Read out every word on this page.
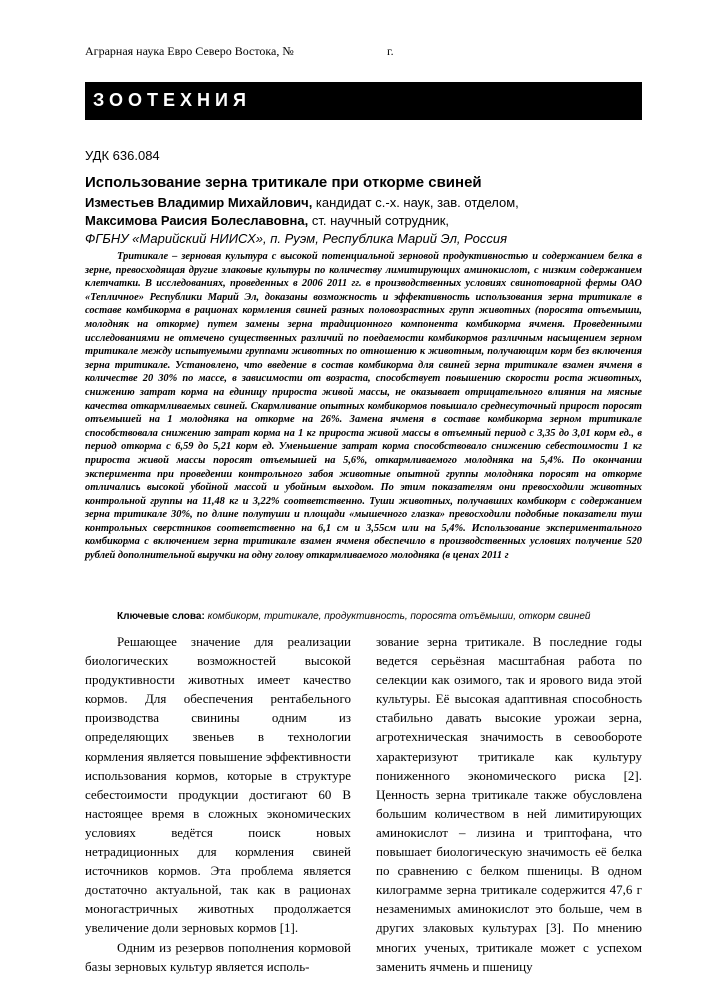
Аграрная наука Евро Северо Востока, №	г.
ЗООТЕХНИЯ
УДК 636.084
Использование зерна тритикале при откорме свиней
Изместьев Владимир Михайлович, кандидат с.-х. наук, зав. отделом,
Максимова Раисия Болеславовна, ст. научный сотрудник,
ФГБНУ «Марийский НИИСХ», п. Руэм, Республика Марий Эл, Россия

Тритикале – зерновая культура с высокой потенциальной зерновой продуктивностью и содержанием белка в зерне, превосходящая другие злаковые культуры по количеству лимитирующих аминокислот, с низким содержанием клетчатки. В исследованиях, проведенных в 2006 2011 гг. в производственных условиях свинотоварной фермы ОАО «Тепличное» Республики Марий Эл, доказаны возможность и эффективность использования зерна тритикале в составе комбикорма в рационах кормления свиней разных половозрастных групп животных (поросята отъемыши, молодняк на откорме) путем замены зерна традиционного компонента комбикорма ячменя. Проведенными исследованиями не отмечено существенных различий по поедаемости комбикормов различным насыщением зерном тритикале между испытуемыми группами животных по отношению к животным, получающим корм без включения зерна тритикале. Установлено, что введение в состав комбикорма для свиней зерна тритикале взамен ячменя в количестве 20 30% по массе, в зависимости от возраста, способствует повышению скорости роста животных, снижению затрат корма на единицу прироста живой массы, не оказывает отрицательного влияния на мясные качества откармливаемых свиней. Скармливание опытных комбикормов повышало среднесуточный прирост поросят отъемышей на 1 молодняка на откорме на 26%. Замена ячменя в составе комбикорма зерном тритикале способствовала снижению затрат корма на 1 кг прироста живой массы в отъемный период с 3,35 до 3,01 корм ед., в период откорма с 6,59 до 5,21 корм ед. Уменьшение затрат корма способствовало снижению себестоимости 1 кг прироста живой массы поросят отъемышей на 5,6%, откармливаемого молодняка на 5,4%. По окончании эксперимента при проведении контрольного забоя животные опытной группы молодняка поросят на откорме отличались высокой убойной массой и убойным выходом. По этим показателям они превосходили животных контрольной группы на 11,48 кг и 3,22% соответственно. Туши животных, получавших комбикорм с содержанием зерна тритикале 30%, по длине полутуши и площади «мышечного глазка» превосходили подобные показатели туш контрольных сверстников соответственно на 6,1 см и 3,55см или на 5,4%. Использование экспериментального комбикорма с включением зерна тритикале взамен ячменя обеспечило в производственных условиях получение 520 рублей дополнительной выручки на одну голову откармливаемого молодняка (в ценах 2011 г

Ключевые слова: комбикорм, тритикале, продуктивность, поросята отъёмыши, откорм свиней

Решающее значение для реализации биологических возможностей высокой продуктивности животных имеет качество кормов. Для обеспечения рентабельного производства свинины одним из определяющих звеньев в технологии кормления является повышение эффективности использования кормов, которые в структуре себестоимости продукции достигают 60 В настоящее время в сложных экономических условиях ведётся поиск новых нетрадиционных для кормления свиней источников кормов. Эта проблема является достаточно актуальной, так как в рационах моногастричных животных продолжается увеличение доли зерновых кормов [1].

Одним из резервов пополнения кормовой базы зерновых культур является исполь-

зование зерна тритикале. В последние годы ведется серьёзная масштабная работа по селекции как озимого, так и ярового вида этой культуры. Её высокая адаптивная способность стабильно давать высокие урожаи зерна, агротехническая значимость в севообороте характеризуют тритикале как культуру пониженного экономического риска [2]. Ценность зерна тритикале также обусловлена большим количеством в ней лимитирующих аминокислот – лизина и триптофана, что повышает биологическую значимость её белка по сравнению с белком пшеницы. В одном килограмме зерна тритикале содержится 47,6 г незаменимых аминокислот это больше, чем в других злаковых культурах [3]. По мнению многих ученых, тритикале может с успехом заменить ячмень и пшеницу
